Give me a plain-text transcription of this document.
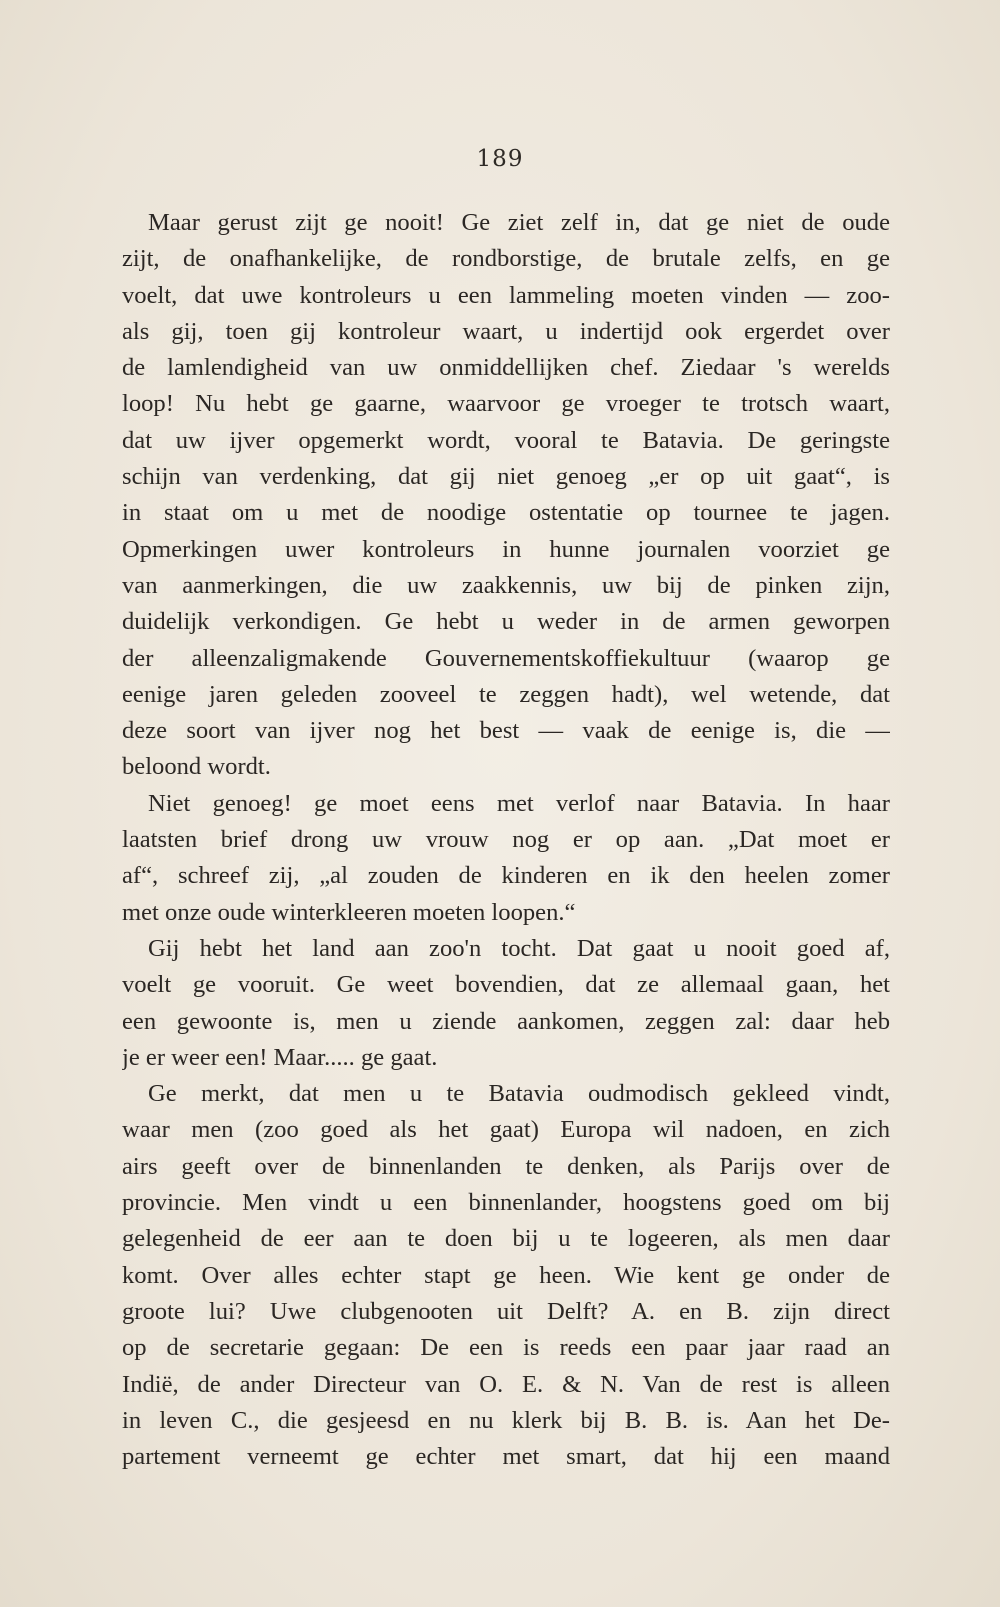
189
Maar gerust zijt ge nooit! Ge ziet zelf in, dat ge niet de oude
zijt, de onafhankelijke, de rondborstige, de brutale zelfs, en ge
voelt, dat uwe kontroleurs u een lammeling moeten vinden — zoo-
als gij, toen gij kontroleur waart, u indertijd ook ergerdet over
de lamlendigheid van uw onmiddellijken chef. Ziedaar 's werelds
loop! Nu hebt ge gaarne, waarvoor ge vroeger te trotsch waart,
dat uw ijver opgemerkt wordt, vooral te Batavia. De geringste
schijn van verdenking, dat gij niet genoeg „er op uit gaat“, is
in staat om u met de noodige ostentatie op tournee te jagen.
Opmerkingen uwer kontroleurs in hunne journalen voorziet ge
van aanmerkingen, die uw zaakkennis, uw bij de pinken zijn,
duidelijk verkondigen. Ge hebt u weder in de armen geworpen
der alleenzaligmakende Gouvernementskoffiekultuur (waarop ge
eenige jaren geleden zooveel te zeggen hadt), wel wetende, dat
deze soort van ijver nog het best — vaak de eenige is, die —
beloond wordt.
Niet genoeg! ge moet eens met verlof naar Batavia. In haar
laatsten brief drong uw vrouw nog er op aan. „Dat moet er
af“, schreef zij, „al zouden de kinderen en ik den heelen zomer
met onze oude winterkleeren moeten loopen.“
Gij hebt het land aan zoo'n tocht. Dat gaat u nooit goed af,
voelt ge vooruit. Ge weet bovendien, dat ze allemaal gaan, het
een gewoonte is, men u ziende aankomen, zeggen zal: daar heb
je er weer een! Maar..... ge gaat.
Ge merkt, dat men u te Batavia oudmodisch gekleed vindt,
waar men (zoo goed als het gaat) Europa wil nadoen, en zich
airs geeft over de binnenlanden te denken, als Parijs over de
provincie. Men vindt u een binnenlander, hoogstens goed om bij
gelegenheid de eer aan te doen bij u te logeeren, als men daar
komt. Over alles echter stapt ge heen. Wie kent ge onder de
groote lui? Uwe clubgenooten uit Delft? A. en B. zijn direct
op de secretarie gegaan: De een is reeds een paar jaar raad an
Indië, de ander Directeur van O. E. & N. Van de rest is alleen
in leven C., die gesjeesd en nu klerk bij B. B. is. Aan het De-
partement verneemt ge echter met smart, dat hij een maand
